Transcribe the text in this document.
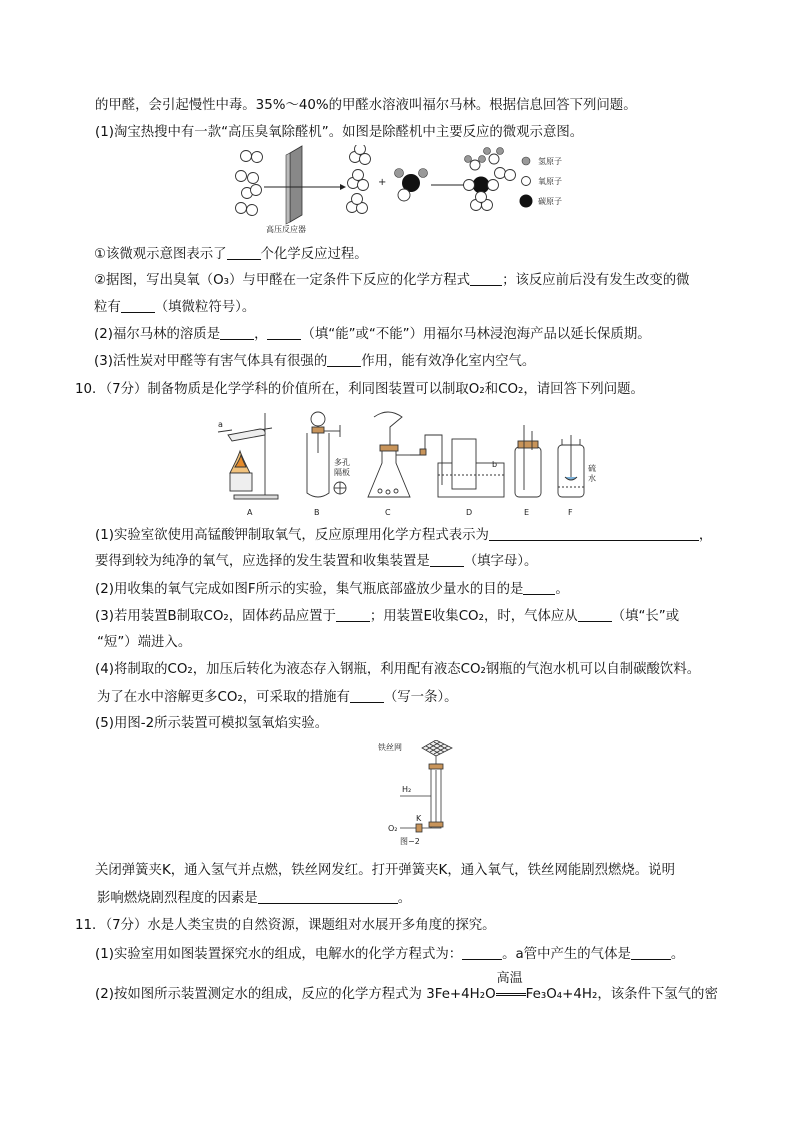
的甲醛，会引起慢性中毒。35%～40%的甲醛水溶液叫福尔马林。根据信息回答下列问题。
(1)淘宝热搜中有一款“高压臭氧除醛机”。如图是除醛机中主要反应的微观示意图。
高压反应器
+
氢原子
氧原子
碳原子
①该微观示意图表示了	个化学反应过程。
②据图，写出臭氧（O₃）与甲醛在一定条件下反应的化学方程式 ；该反应前后没有发生改变的微
粒有	（填微粒符号）。
(2)福尔马林的溶质是	，	（填“能”或“不能”）用福尔马林浸泡海产品以延长保质期。
(3)活性炭对甲醛等有害气体具有很强的	作用，能有效净化室内空气。
10．（7分）制备物质是化学学科的价值所在，利同图装置可以制取O₂和CO₂，请回答下列问题。
a
b
多孔
隔板	硫
水
A	B	C	D	E	F
(1)实验室欲使用高锰酸钾制取氧气，反应原理用化学方程式表示为	，
要得到较为纯净的氧气，应选择的发生装置和收集装置是	（填字母）。
(2)用收集的氧气完成如图F所示的实验，集气瓶底部盛放少量水的目的是 。
(3)若用装置B制取CO₂，固体药品应置于	；用装置E收集CO₂，时，气体应从	（填“长”或
“短”）端进入。
(4)将制取的CO₂，加压后转化为液态存入钢瓶，利用配有液态CO₂钢瓶的气泡水机可以自制碳酸饮料。
为了在水中溶解更多CO₂，可采取的措施有	（写一条）。
(5)用图-2所示装置可模拟氢氧焰实验。
铁丝网
H₂
O₂
K
图−2
关闭弹簧夹K，通入氢气并点燃，铁丝网发红。打开弹簧夹K，通入氧气，铁丝网能剧烈燃烧。说明
影响燃烧剧烈程度的因素是	。
11．（7分）水是人类宝贵的自然资源，课题组对水展开多角度的探究。
(1)实验室用如图装置探究水的组成，电解水的化学方程式为：	。a管中产生的气体是	。
(2)按如图所示装置测定水的组成，反应的化学方程式为 3Fe+4H₂O
高温
Fe₃O₄+4H₂，该条件下氢气的密
